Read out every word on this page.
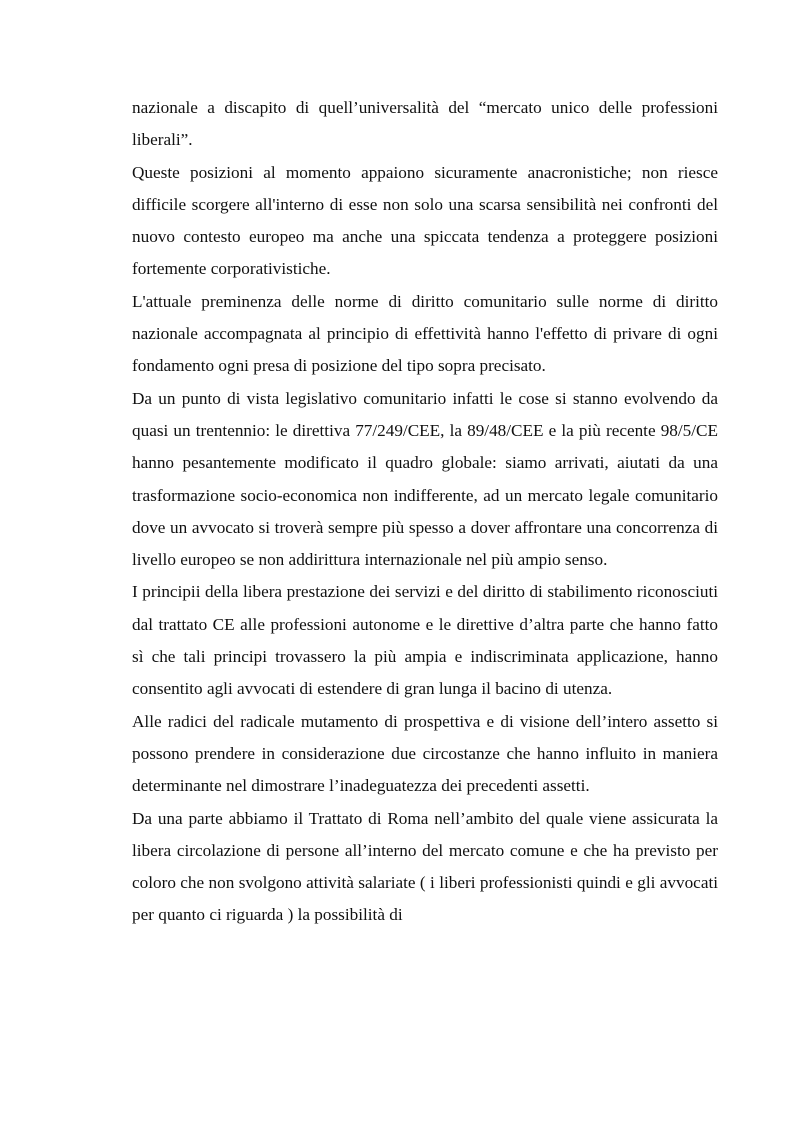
nazionale a discapito di quell’universalità del “mercato unico delle professioni liberali”.

Queste posizioni al momento appaiono sicuramente anacronistiche; non riesce difficile scorgere all'interno di esse non solo una scarsa sensibilità nei confronti del nuovo contesto europeo ma anche una spiccata tendenza a proteggere posizioni fortemente corporativistiche.

L'attuale preminenza delle norme di diritto comunitario sulle norme di diritto nazionale accompagnata al principio di effettività hanno l'effetto di privare di ogni fondamento ogni presa di posizione del tipo sopra precisato.

Da un punto di vista legislativo comunitario infatti le cose si stanno evolvendo da quasi un trentennio: le direttiva 77/249/CEE, la 89/48/CEE e la più recente 98/5/CE hanno pesantemente modificato il quadro globale: siamo arrivati, aiutati da una trasformazione socio-economica non indifferente, ad un mercato legale comunitario dove un avvocato si troverà sempre più spesso a dover affrontare una concorrenza di livello europeo se non addirittura internazionale nel più ampio senso.

I principii della libera prestazione dei servizi e del diritto di stabilimento riconosciuti dal trattato CE alle professioni autonome e le direttive d’altra parte che hanno fatto sì che tali principi trovassero la più ampia e indiscriminata applicazione, hanno consentito agli avvocati di estendere di gran lunga il bacino di utenza.

Alle radici del radicale mutamento di prospettiva e di visione dell’intero assetto si possono prendere in considerazione due circostanze che hanno influito in maniera determinante nel dimostrare l’inadeguatezza dei precedenti assetti.

Da una parte abbiamo il Trattato di Roma nell’ambito del quale viene assicurata la libera circolazione di persone all’interno del mercato comune e che ha previsto per coloro che non svolgono attività salariate ( i liberi professionisti quindi e gli avvocati per quanto ci riguarda ) la possibilità di
